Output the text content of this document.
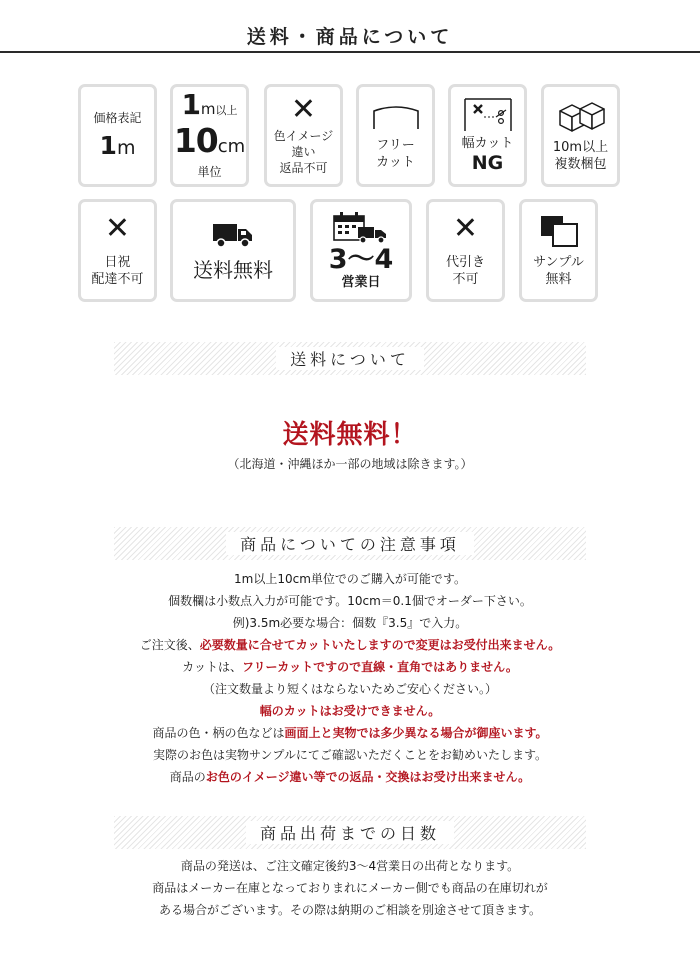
送料・商品について
価格表記
1m
1m以上
10cm
単位
✕
色イメージ
違い
返品不可
フリー
カット
幅カット
NG
10m以上
複数梱包
✕
日祝
配達不可 送料無料 3〜4
営業日
✕
代引き
不可
サンプル
無料
送料について
送料無料！
（北海道・沖縄ほか一部の地域は除きます。）
商品についての注意事項
1m以上10cm単位でのご購入が可能です。
個数欄は小数点入力が可能です。10cm＝0.1個でオーダー下さい。
例)3.5m必要な場合：個数『3.5』で入力。
ご注文後、必要数量に合せてカットいたしますので変更はお受付出来ません。
カットは、フリーカットですので直線・直角ではありません。
（注文数量より短くはならないためご安心ください。）
幅のカットはお受けできません。
商品の色・柄の色などは画面上と実物では多少異なる場合が御座います。
実際のお色は実物サンプルにてご確認いただくことをお勧めいたします。
商品のお色のイメージ違い等での返品・交換はお受け出来ません。
商品出荷までの日数
商品の発送は、ご注文確定後約3〜4営業日の出荷となります。
商品はメーカー在庫となっておりまれにメーカー側でも商品の在庫切れが
ある場合がございます。その際は納期のご相談を別途させて頂きます。
